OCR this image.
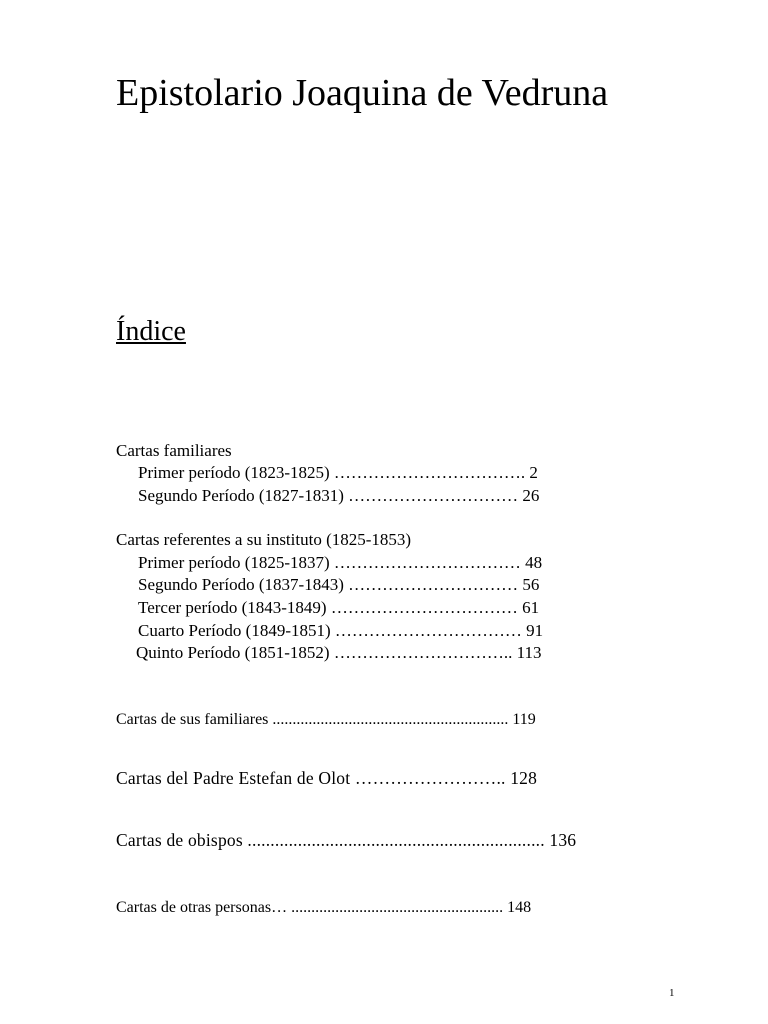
Epistolario Joaquina de Vedruna
Índice
Cartas familiares
Primer período (1823-1825) ……………………………. 2
Segundo Período (1827-1831) ………………………… 26
Cartas referentes a su instituto (1825-1853)
Primer período (1825-1837) …………………………… 48
Segundo Período (1837-1843) ………………………… 56
Tercer período (1843-1849) …………………………… 61
Cuarto Período (1849-1851) …………………………… 91
Quinto Período (1851-1852) ………………………….. 113
Cartas de sus familiares ........................................................... 119
Cartas del Padre Estefan de Olot …………………….. 128
Cartas de obispos ................................................................. 136
Cartas de otras personas… ..................................................... 148
1
